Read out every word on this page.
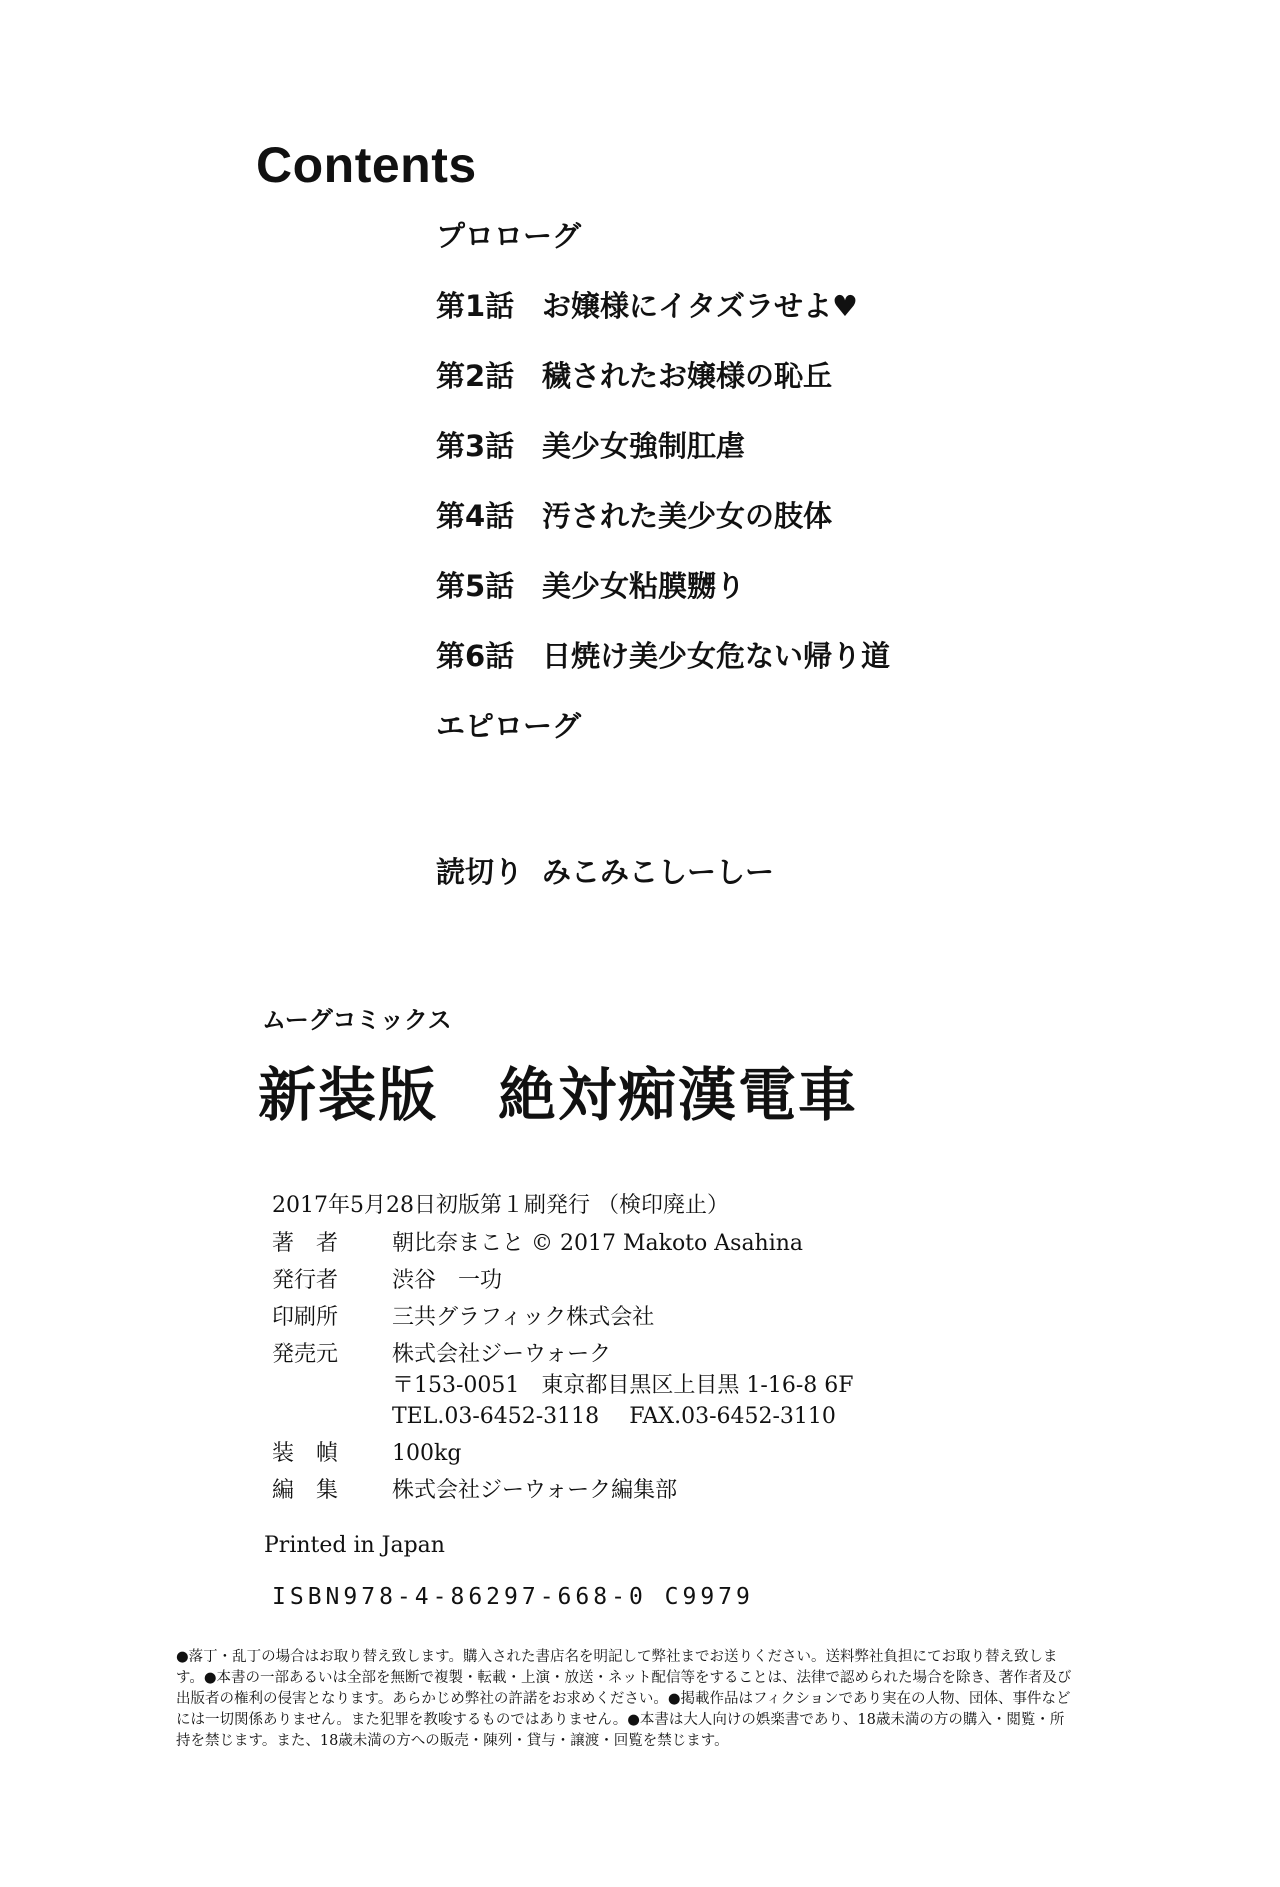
Contents
プロローグ
第1話 お嬢様にイタズラせよ♥
第2話 穢されたお嬢様の恥丘
第3話 美少女強制肛虐
第4話 汚された美少女の肢体
第5話 美少女粘膜嬲り
第6話 日焼け美少女危ない帰り道
エピローグ
読切り みこみこしーしー
ムーグコミックス
新装版 絶対痴漢電車
2017年5月28日初版第１刷発行 （検印廃止）
著　者 朝比奈まこと © 2017 Makoto Asahina
発行者 渋谷　一功
印刷所 三共グラフィック株式会社
発売元 株式会社ジーウォーク
〒153-0051　東京都目黒区上目黒 1-16-8 6F
TEL.03-6452-3118 FAX.03-6452-3110
装　幀 100kg
編　集 株式会社ジーウォーク編集部
Printed in Japan
ISBN978-4-86297-668-0 C9979
●落丁・乱丁の場合はお取り替え致します。購入された書店名を明記して弊社までお送りください。送料弊社負担にてお取り替え致します。●本書の一部あるいは全部を無断で複製・転載・上演・放送・ネット配信等をすることは、法律で認められた場合を除き、著作者及び出版者の権利の侵害となります。あらかじめ弊社の許諾をお求めください。●掲載作品はフィクションであり実在の人物、団体、事件などには一切関係ありません。また犯罪を教唆するものではありません。●本書は大人向けの娯楽書であり、18歳未満の方の購入・閲覧・所持を禁じます。また、18歳未満の方への販売・陳列・貸与・譲渡・回覧を禁じます。
